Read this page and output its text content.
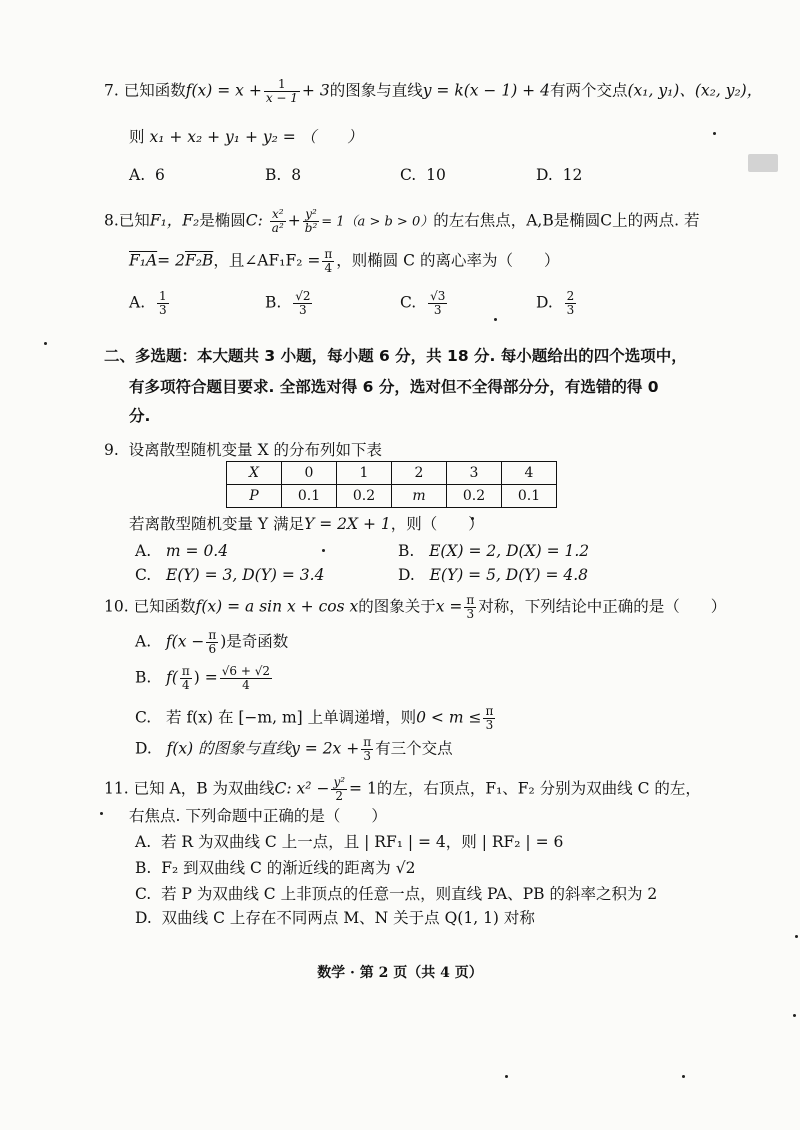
7. 已知函数$f(x) = x + \frac{1}{x - 1} + 3$的图象与直线y = k(x − 1) + 4有两个交点(x₁, y₁)、(x₂, y₂)，
则 x₁ + x₂ + y₁ + y₂ = （　　）
A. 6	B. 8	C. 10	D. 12
8.已知F₁，F₂是椭圆C: $\frac{\text{x²}}{\text{a²}} + \frac{\text{y²}}{\text{b²}} = 1(a > b > 0)$的左右焦点，A,B是椭圆C上的两点. 若
F₁A= 2F₂B，且∠AF₁F₂ = $\frac{\pi}{4}$ ，则椭圆 C 的离心率为（　　）
A. $\frac{1}{3}$	B. $\frac{√2}{3}$	C. $\frac{√3}{3}$	D. $\frac{2}{3}$
二、多选题：本大题共 3 小题，每小题 6 分，共 18 分. 每小题给出的四个选项中，
有多项符合题目要求. 全部选对得 6 分，选对但不全得部分分，有选错的得 0
分.
9. 设离散型随机变量 X 的分布列如下表
X	0	1	2	3	4
P	0.1	0.2	m	0.2	0.1
若离散型随机变量 Y 满足Y = 2X + 1，则（　　）
A. m = 0.4	B. E(X) = 2, D(X) = 1.2
C. E(Y) = 3, D(Y) = 3.4	D. E(Y) = 5, D(Y) = 4.8
10. 已知函数f(x) = a sin x + cos x的图象关于$x = \frac{\pi}{3}$ 对称，下列结论中正确的是（　　）
A. $f(x - \frac{\pi}{6}$ )是奇函数
B. $f( \frac{\pi}{4}$ ) = $\frac{√6 + √2}{4}$
C. 若 f(x) 在 [−m, m] 上单调递增，则$0 < m \le \frac{\pi}{3}$
D. f(x) 的图象与直线$y = 2x + \frac{\pi}{3}$ 有三个交点
11. 已知 A，B 为双曲线C: $x^2 - \frac{\text{y²}}{2} = 1$的左，右顶点，F₁、F₂ 分别为双曲线 C 的左，
右焦点. 下列命题中正确的是（　　）
A. 若 R 为双曲线 C 上一点，且 | RF₁ | = 4，则 | RF₂ | = 6
B. F₂ 到双曲线 C 的渐近线的距离为 √2
C. 若 P 为双曲线 C 上非顶点的任意一点，则直线 PA、PB 的斜率之积为 2
D. 双曲线 C 上存在不同两点 M、N 关于点 Q(1, 1) 对称
数学 · 第 2 页（共 4 页）
